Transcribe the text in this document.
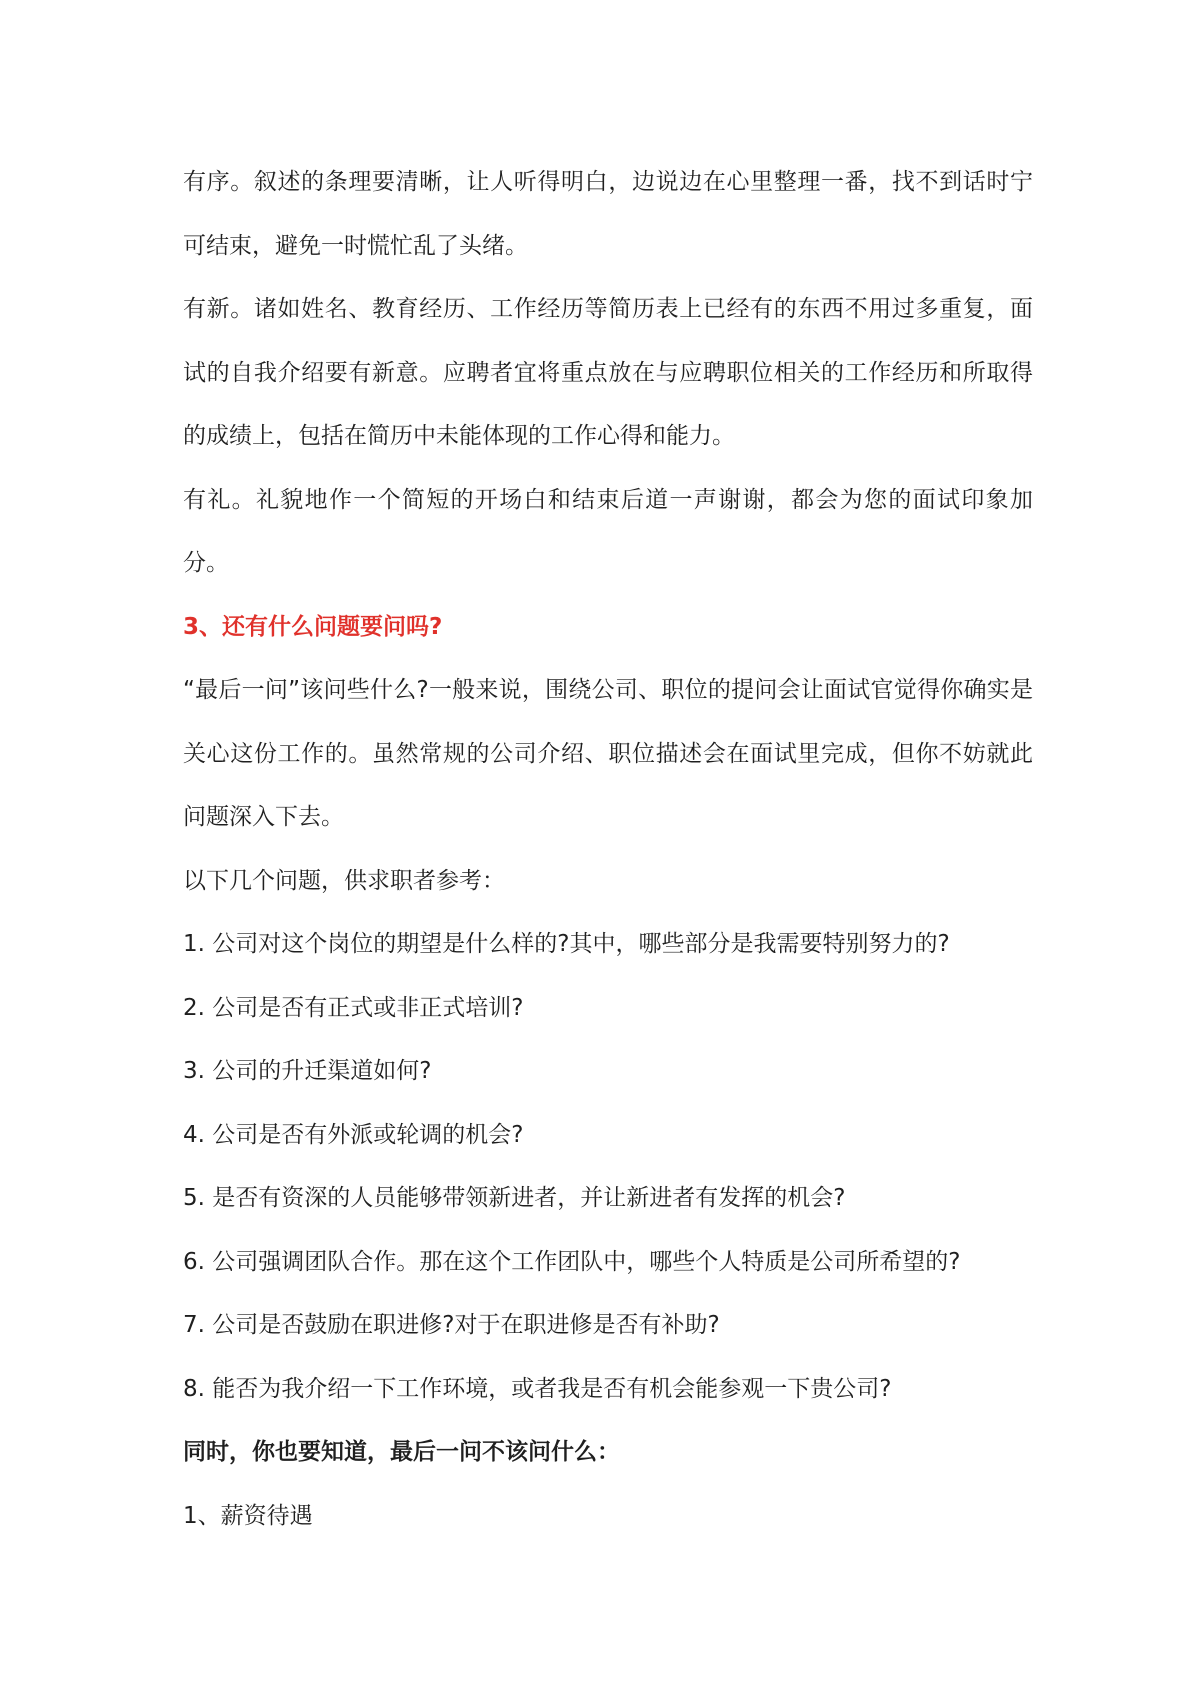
有序。叙述的条理要清晰，让人听得明白，边说边在心里整理一番，找不到话时宁可结束，避免一时慌忙乱了头绪。

有新。诸如姓名、教育经历、工作经历等简历表上已经有的东西不用过多重复，面试的自我介绍要有新意。应聘者宜将重点放在与应聘职位相关的工作经历和所取得的成绩上，包括在简历中未能体现的工作心得和能力。

有礼。礼貌地作一个简短的开场白和结束后道一声谢谢，都会为您的面试印象加分。

3、还有什么问题要问吗?

“最后一问”该问些什么?一般来说，围绕公司、职位的提问会让面试官觉得你确实是关心这份工作的。虽然常规的公司介绍、职位描述会在面试里完成，但你不妨就此问题深入下去。

以下几个问题，供求职者参考：

1. 公司对这个岗位的期望是什么样的?其中，哪些部分是我需要特别努力的?

2. 公司是否有正式或非正式培训?

3. 公司的升迁渠道如何?

4. 公司是否有外派或轮调的机会?

5. 是否有资深的人员能够带领新进者，并让新进者有发挥的机会?

6. 公司强调团队合作。那在这个工作团队中，哪些个人特质是公司所希望的?

7. 公司是否鼓励在职进修?对于在职进修是否有补助?

8. 能否为我介绍一下工作环境，或者我是否有机会能参观一下贵公司?

同时，你也要知道，最后一问不该问什么：

1、薪资待遇
